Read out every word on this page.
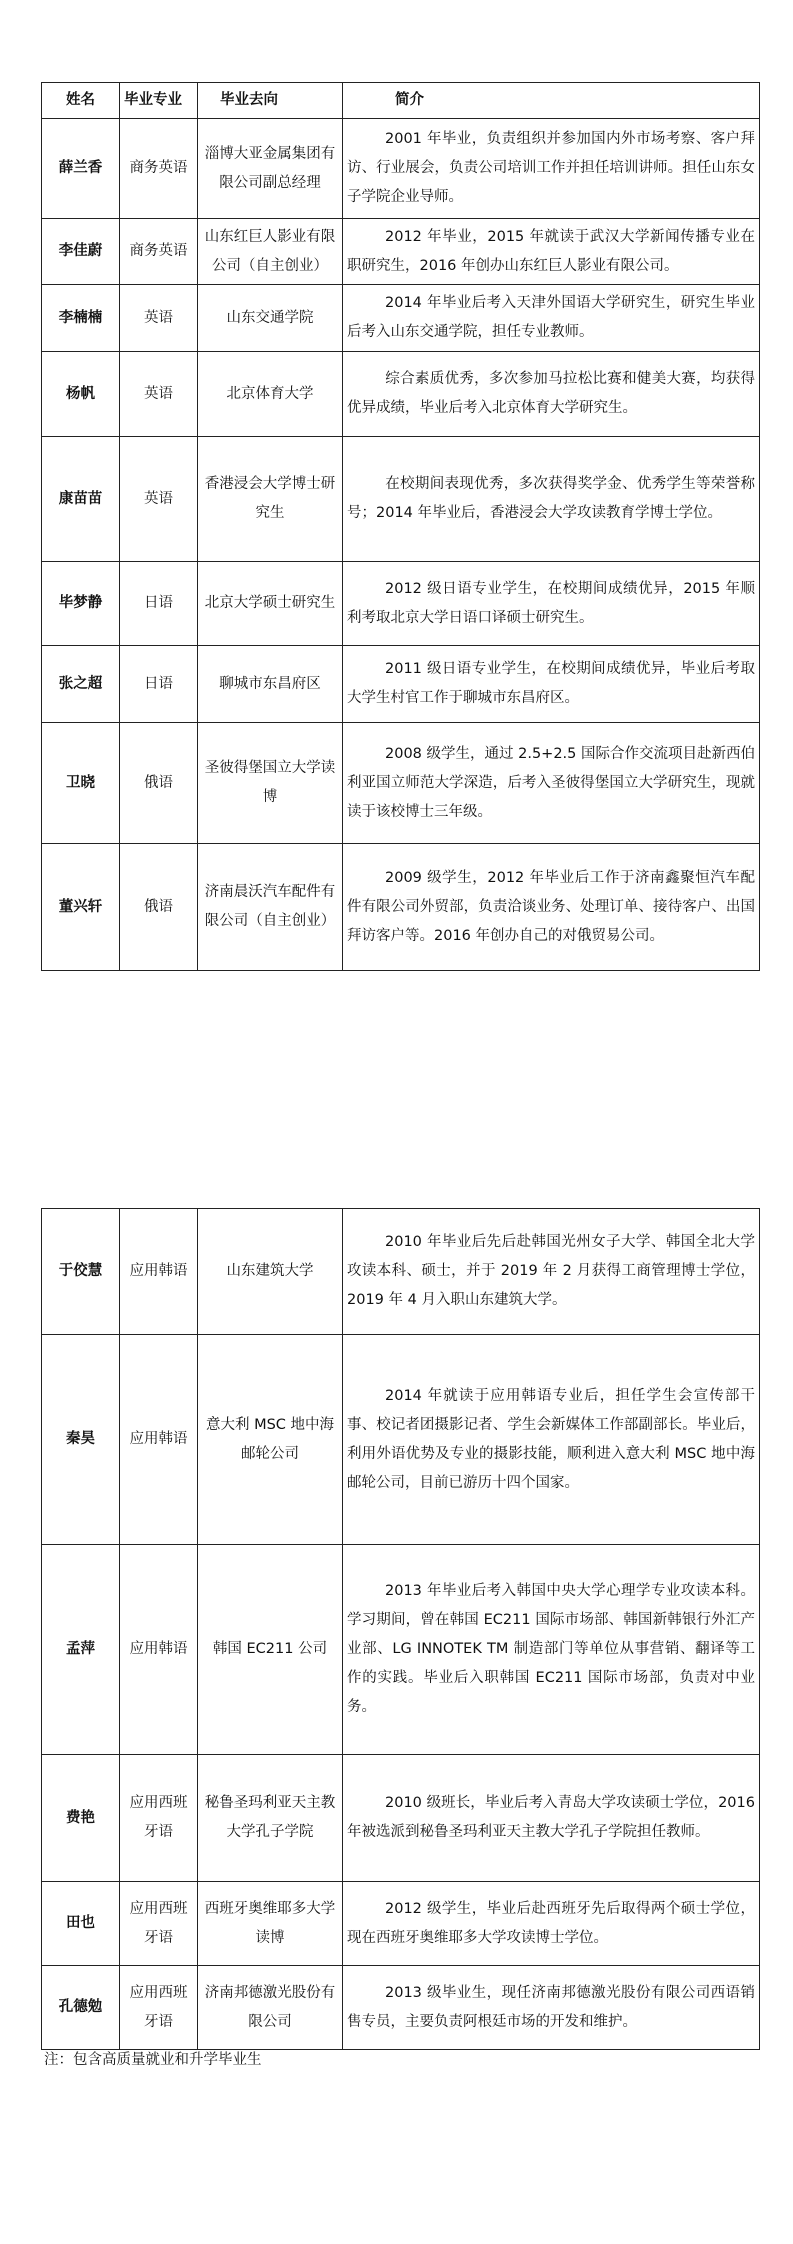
姓名	毕业专业	毕业去向	简介
薛兰香	商务英语	淄博大亚金属集团有限公司副总经理	2001 年毕业，负责组织并参加国内外市场考察、客户拜访、行业展会，负责公司培训工作并担任培训讲师。担任山东女子学院企业导师。
李佳蔚	商务英语	山东红巨人影业有限公司（自主创业）	2012 年毕业，2015 年就读于武汉大学新闻传播专业在职研究生，2016 年创办山东红巨人影业有限公司。
李楠楠	英语	山东交通学院	2014 年毕业后考入天津外国语大学研究生，研究生毕业后考入山东交通学院，担任专业教师。
杨帆	英语	北京体育大学	综合素质优秀，多次参加马拉松比赛和健美大赛，均获得优异成绩，毕业后考入北京体育大学研究生。
康苗苗	英语	香港浸会大学博士研究生	在校期间表现优秀，多次获得奖学金、优秀学生等荣誉称号；2014 年毕业后，香港浸会大学攻读教育学博士学位。
毕梦静	日语	北京大学硕士研究生	2012 级日语专业学生，在校期间成绩优异，2015 年顺利考取北京大学日语口译硕士研究生。
张之超	日语	聊城市东昌府区	2011 级日语专业学生，在校期间成绩优异，毕业后考取大学生村官工作于聊城市东昌府区。
卫晓	俄语	圣彼得堡国立大学读博	2008 级学生，通过 2.5+2.5 国际合作交流项目赴新西伯利亚国立师范大学深造，后考入圣彼得堡国立大学研究生，现就读于该校博士三年级。
董兴轩	俄语	济南晨沃汽车配件有限公司（自主创业）	2009 级学生，2012 年毕业后工作于济南鑫聚恒汽车配件有限公司外贸部，负责洽谈业务、处理订单、接待客户、出国拜访客户等。2016 年创办自己的对俄贸易公司。
于佼慧	应用韩语	山东建筑大学	2010 年毕业后先后赴韩国光州女子大学、韩国全北大学攻读本科、硕士，并于 2019 年 2 月获得工商管理博士学位，2019 年 4 月入职山东建筑大学。
秦昊	应用韩语	意大利 MSC 地中海邮轮公司	2014 年就读于应用韩语专业后，担任学生会宣传部干事、校记者团摄影记者、学生会新媒体工作部副部长。毕业后，利用外语优势及专业的摄影技能，顺利进入意大利 MSC 地中海邮轮公司，目前已游历十四个国家。
孟萍	应用韩语	韩国 EC211 公司	2013 年毕业后考入韩国中央大学心理学专业攻读本科。学习期间，曾在韩国 EC211 国际市场部、韩国新韩银行外汇产业部、LG INNOTEK TM 制造部门等单位从事营销、翻译等工作的实践。毕业后入职韩国 EC211 国际市场部，负责对中业务。
费艳	应用西班牙语	秘鲁圣玛利亚天主教大学孔子学院	2010 级班长，毕业后考入青岛大学攻读硕士学位，2016 年被选派到秘鲁圣玛利亚天主教大学孔子学院担任教师。
田也	应用西班牙语	西班牙奥维耶多大学读博	2012 级学生，毕业后赴西班牙先后取得两个硕士学位，现在西班牙奥维耶多大学攻读博士学位。
孔德勉	应用西班牙语	济南邦德激光股份有限公司	2013 级毕业生，现任济南邦德激光股份有限公司西语销售专员，主要负责阿根廷市场的开发和维护。
注：包含高质量就业和升学毕业生
